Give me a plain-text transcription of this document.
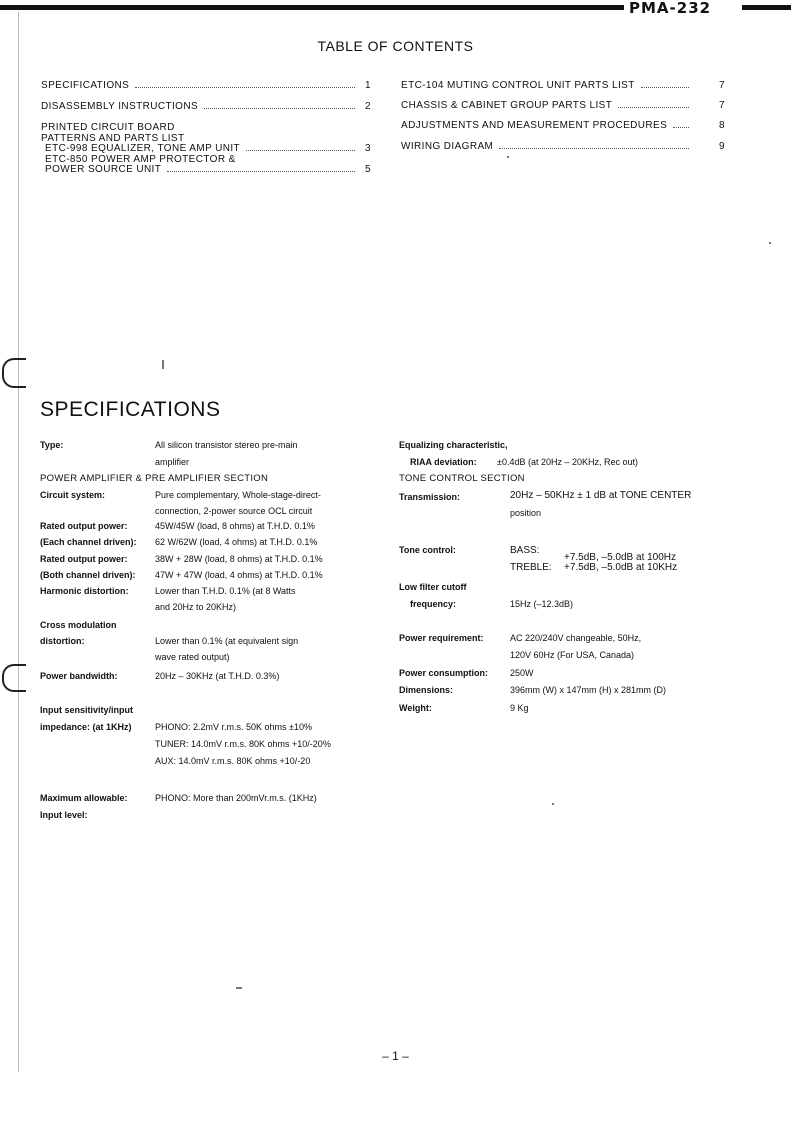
PMA-232
TABLE OF CONTENTS
SPECIFICATIONS	1
DISASSEMBLY INSTRUCTIONS	2
PRINTED CIRCUIT BOARD
PATTERNS AND PARTS LIST
ETC-998 EQUALIZER, TONE AMP UNIT	3
ETC-850 POWER AMP PROTECTOR &
POWER SOURCE UNIT	5
ETC-104 MUTING CONTROL UNIT PARTS LIST	7
CHASSIS & CABINET GROUP PARTS LIST	7
ADJUSTMENTS AND MEASUREMENT PROCEDURES	8
WIRING DIAGRAM	9
SPECIFICATIONS
Type:	All silicon transistor stereo pre-main
amplifier
POWER AMPLIFIER & PRE AMPLIFIER SECTION
Circuit system:	Pure complementary, Whole-stage-direct-
connection, 2-power source OCL circuit
Rated output power:	45W/45W (load, 8 ohms) at T.H.D. 0.1%
(Each channel driven): 62 W/62W (load, 4 ohms) at T.H.D. 0.1%
Rated output power:	38W + 28W (load, 8 ohms) at T.H.D. 0.1%
(Both channel driven): 47W + 47W (load, 4 ohms) at T.H.D. 0.1%
Harmonic distortion:	Lower than T.H.D. 0.1% (at 8 Watts
and 20Hz to 20KHz)
Cross modulation
distortion:	Lower than 0.1% (at equivalent sign
wave rated output)
Power bandwidth:	20Hz – 30KHz (at T.H.D. 0.3%)
Input sensitivity/input
impedance: (at 1KHz)	PHONO: 2.2mV r.m.s. 50K ohms ±10%
TUNER: 14.0mV r.m.s. 80K ohms +10/-20%
AUX: 14.0mV r.m.s. 80K ohms +10/-20
Maximum allowable:	PHONO: More than 200mVr.m.s. (1KHz)
Input level:
Equalizing characteristic,
RIAA deviation: ±0.4dB (at 20Hz – 20KHz, Rec out)
TONE CONTROL SECTION
Transmission:	20Hz – 50KHz ± 1 dB at TONE CENTER
position
Tone control:	BASS:
+7.5dB, –5.0dB at 100Hz
TREBLE: +7.5dB, –5.0dB at 10KHz
Low filter cutoff
frequency:	15Hz (–12.3dB)
Power requirement:	AC 220/240V changeable, 50Hz,
120V 60Hz (For USA, Canada)
Power consumption: 250W
Dimensions:	396mm (W) x 147mm (H) x 281mm (D)
Weight:	9 Kg
– 1 –
